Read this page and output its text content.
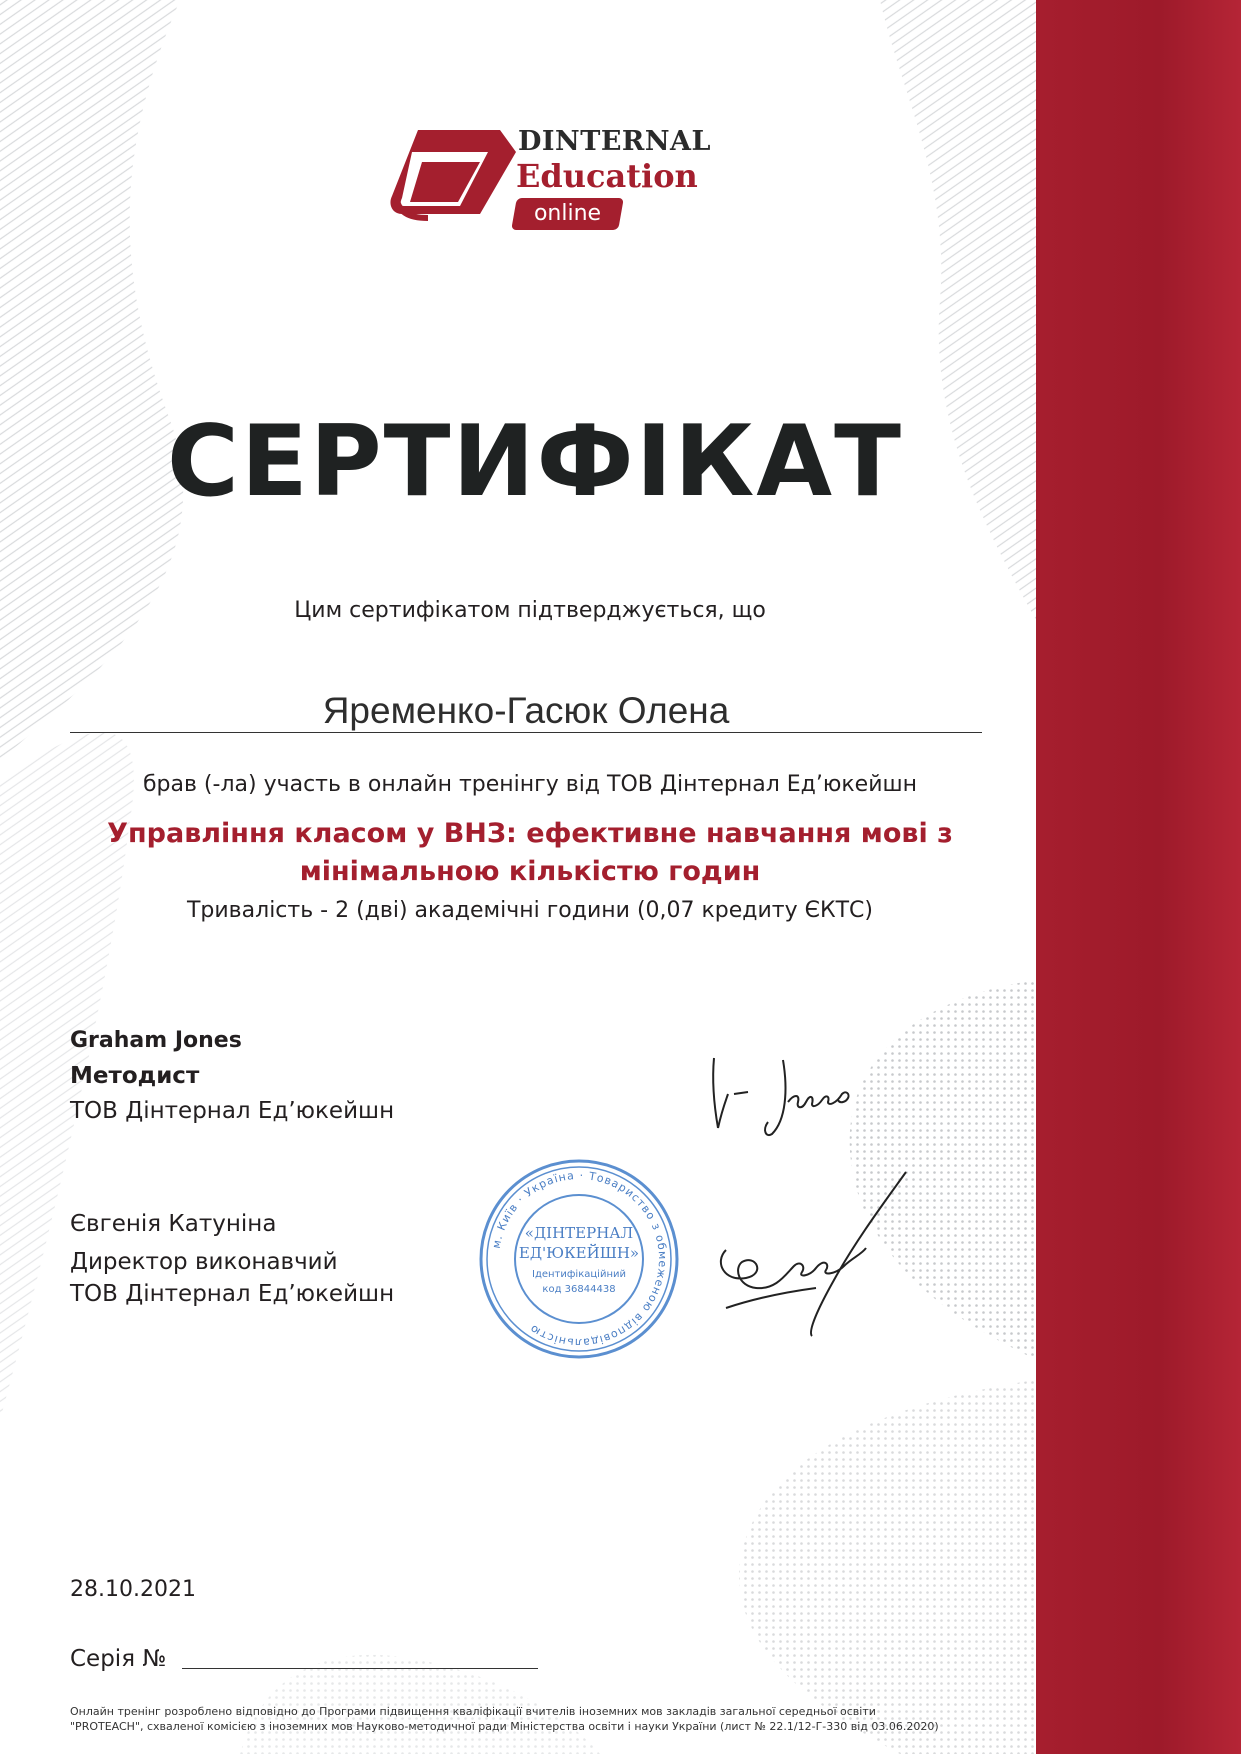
DINTERNAL
Education
online
СЕРТИФІКАТ
Цим сертифікатом підтверджується, що
Яременко-Гасюк Олена
брав (-ла) участь в онлайн тренінгу від ТОВ Дінтернал Ед’юкейшн
Управління класом у ВНЗ: ефективне навчання мові з мінімальною кількістю годин
Тривалість - 2 (дві) академічні години (0,07 кредиту ЄКТС)
Graham Jones
Методист
ТОВ Дінтернал Ед’юкейшн
Євгенія Катуніна
Директор виконавчий
ТОВ Дінтернал Ед’юкейшн
м. Київ · Україна · Товариство з обмеженою відповідальністю
«ДІНТЕРНАЛ
ЕД'ЮКЕЙШН»
Ідентифікаційний
код 36844438
28.10.2021
Серія №
Онлайн тренінг розроблено відповідно до Програми підвищення кваліфікації вчителів іноземних мов закладів загальної середньої освіти
"PROTEACH", схваленої комісією з іноземних мов Науково-методичної ради Міністерства освіти і науки України (лист № 22.1/12-Г-330 від 03.06.2020)
